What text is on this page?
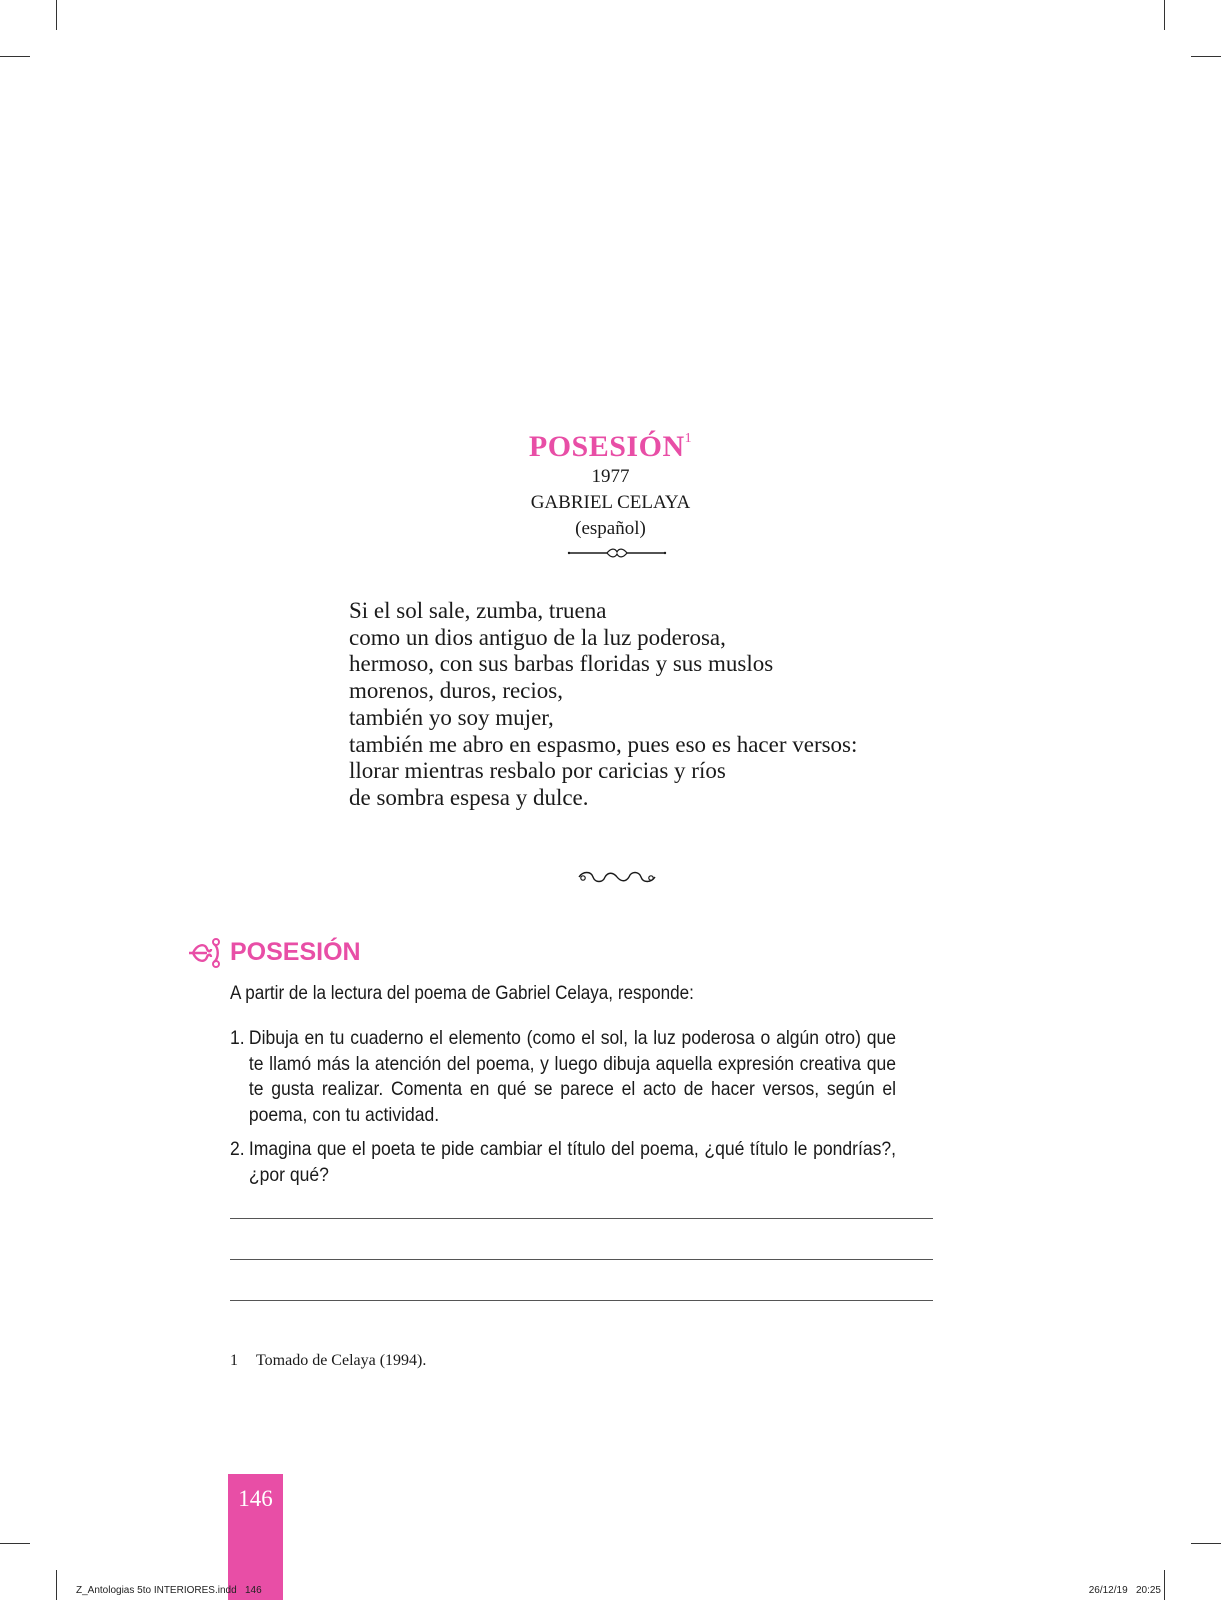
POSESIÓN$^1$
1977
GABRIEL CELAYA
(español)
Si el sol sale, zumba, truena
como un dios antiguo de la luz poderosa,
hermoso, con sus barbas floridas y sus muslos
morenos, duros, recios,
también yo soy mujer,
también me abro en espasmo, pues eso es hacer versos:
llorar mientras resbalo por caricias y ríos
de sombra espesa y dulce.
POSESIÓN
A partir de la lectura del poema de Gabriel Celaya, responde:
1. Dibuja en tu cuaderno el elemento (como el sol, la luz poderosa o algún otro) que te llamó más la atención del poema, y luego dibuja aquella expresión creativa que te gusta realizar. Comenta en qué se parece el acto de hacer versos, según el poema, con tu actividad.
2. Imagina que el poeta te pide cambiar el título del poema, ¿qué título le pondrías?, ¿por qué?
1 Tomado de Celaya (1994).
146
Z_Antologias 5to INTERIORES.indd   146	26/12/19   20:25
